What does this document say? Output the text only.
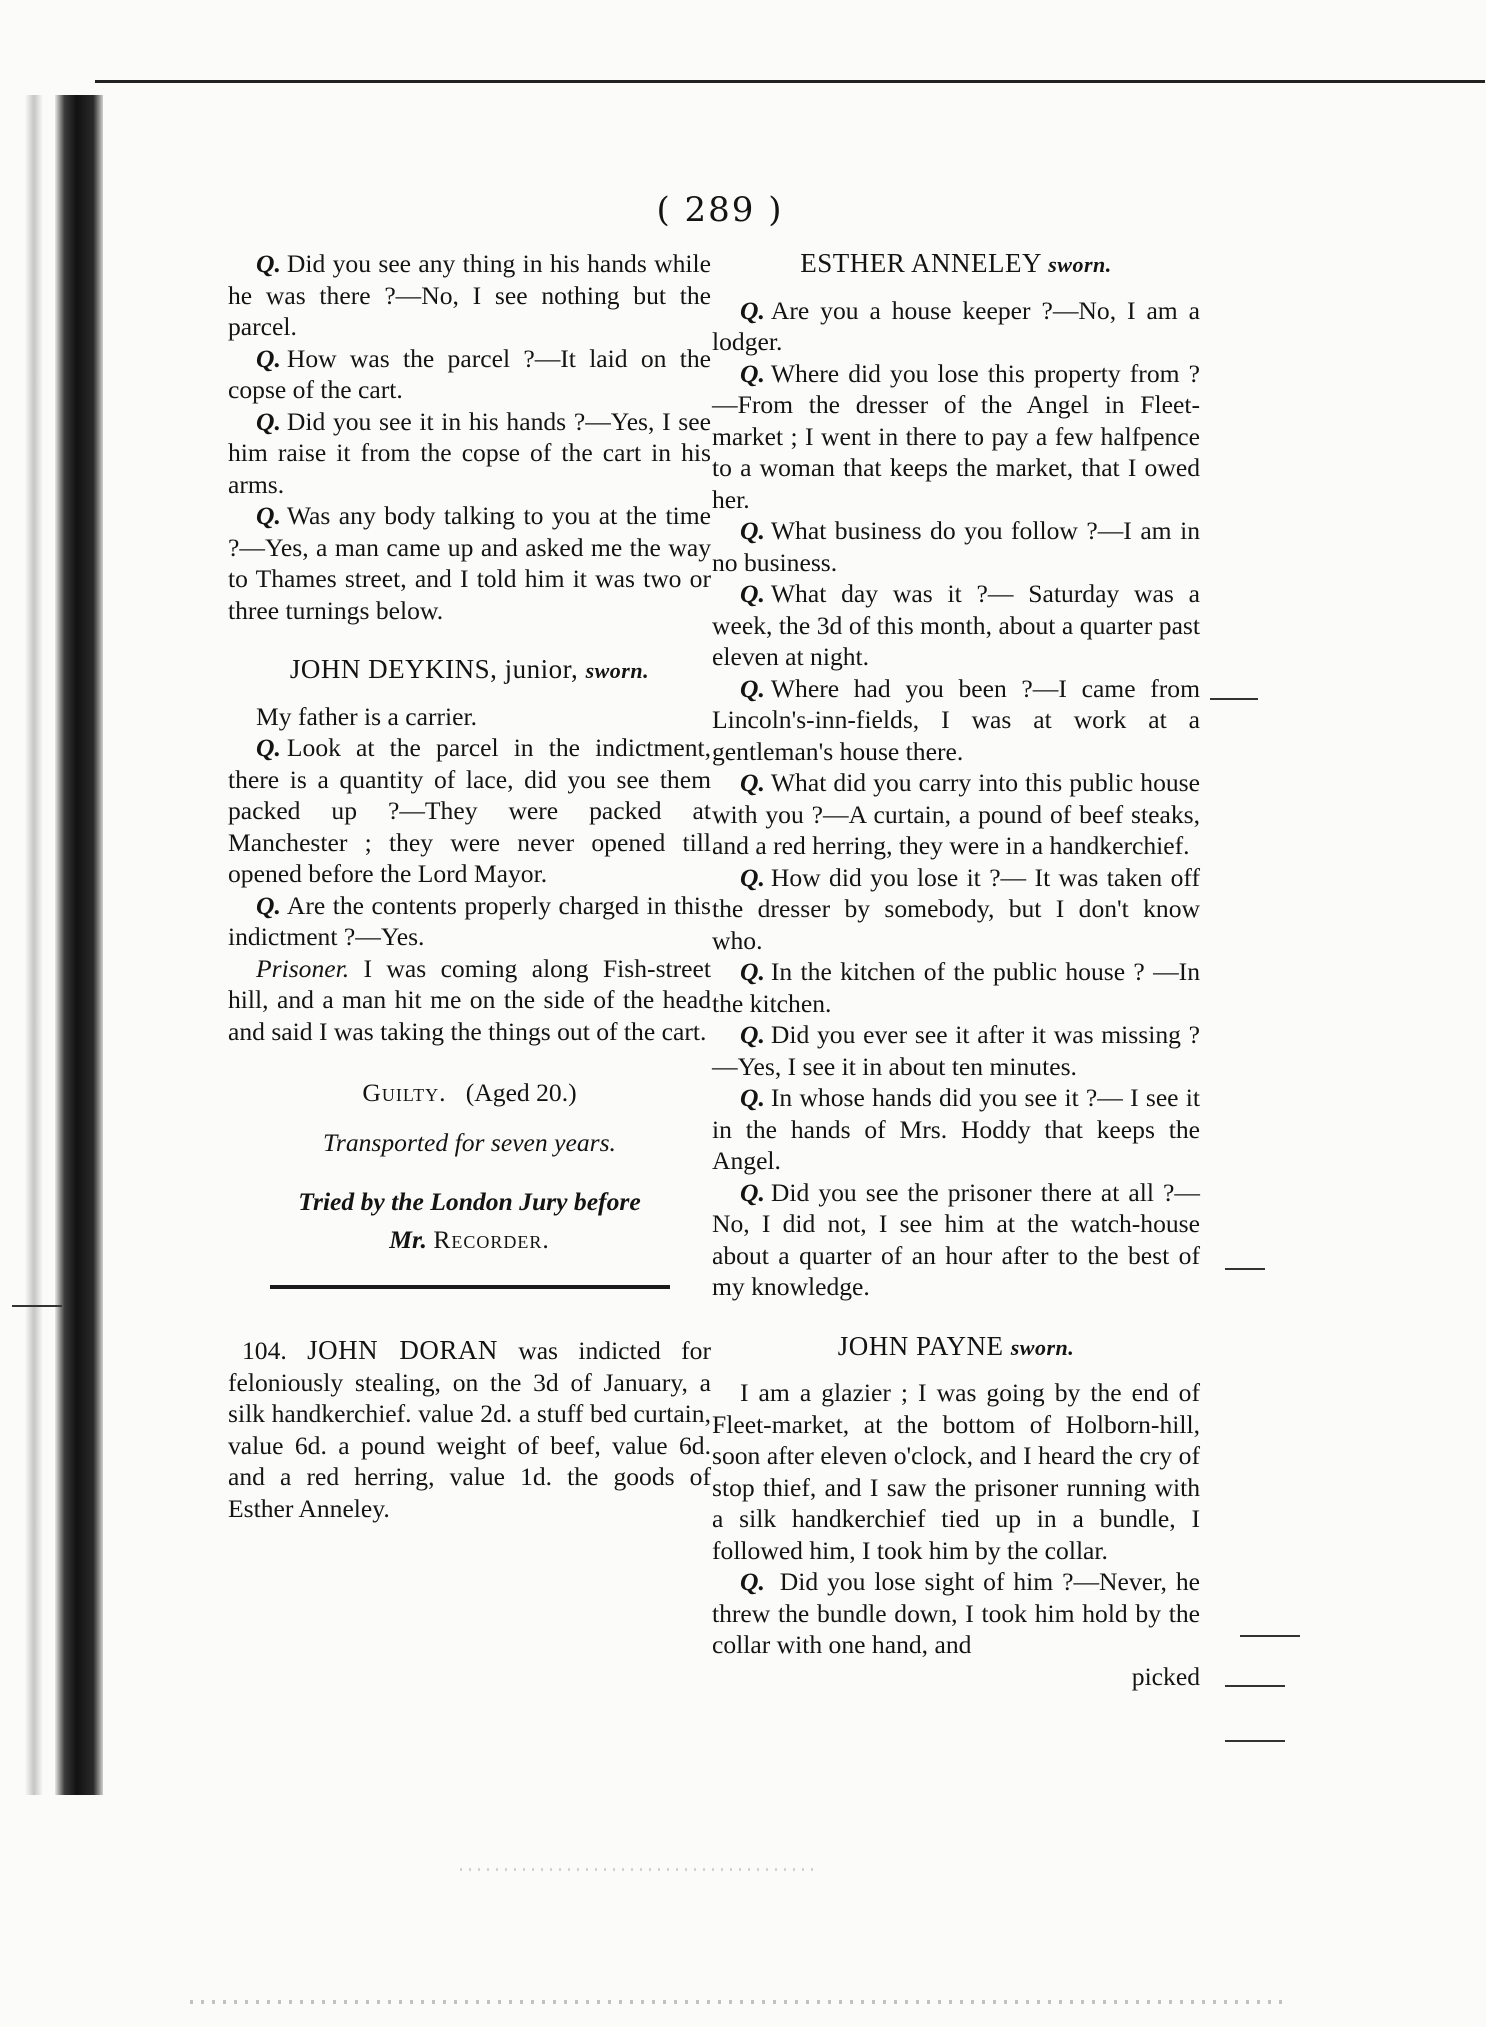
( 289 )

Q. Did you see any thing in his hands while he was there ?—No, I see nothing but the parcel.

Q. How was the parcel ?—It laid on the copse of the cart.

Q. Did you see it in his hands ?—Yes, I see him raise it from the copse of the cart in his arms.

Q. Was any body talking to you at the time ?—Yes, a man came up and asked me the way to Thames street, and I told him it was two or three turnings below.

JOHN DEYKINS, junior, sworn.

My father is a carrier.

Q. Look at the parcel in the indictment, there is a quantity of lace, did you see them packed up ?—They were packed at Manchester ; they were never opened till opened before the Lord Mayor.

Q. Are the contents properly charged in this indictment ?—Yes.

Prisoner. I was coming along Fish-street hill, and a man hit me on the side of the head and said I was taking the things out of the cart.

Guilty. (Aged 20.)
Transported for seven years.

Tried by the London Jury before

Mr. Recorder.

104. JOHN DORAN was indicted for feloniously stealing, on the 3d of January, a silk handkerchief. value 2d. a stuff bed curtain, value 6d. a pound weight of beef, value 6d. and a red herring, value 1d. the goods of Esther Anneley.

ESTHER ANNELEY sworn.

Q. Are you a house keeper ?—No, I am a lodger.

Q. Where did you lose this property from ?—From the dresser of the Angel in Fleet-market ; I went in there to pay a few halfpence to a woman that keeps the market, that I owed her.

Q. What business do you follow ?—I am in no business.

Q. What day was it ?— Saturday was a week, the 3d of this month, about a quarter past eleven at night.

Q. Where had you been ?—I came from Lincoln's-inn-fields, I was at work at a gentleman's house there.

Q. What did you carry into this public house with you ?—A curtain, a pound of beef steaks, and a red herring, they were in a handkerchief.

Q. How did you lose it ?— It was taken off the dresser by somebody, but I don't know who.

Q. In the kitchen of the public house ? —In the kitchen.

Q. Did you ever see it after it was missing ?—Yes, I see it in about ten minutes.

Q. In whose hands did you see it ?— I see it in the hands of Mrs. Hoddy that keeps the Angel.

Q. Did you see the prisoner there at all ?—No, I did not, I see him at the watch-house about a quarter of an hour after to the best of my knowledge.

JOHN PAYNE sworn.

I am a glazier ; I was going by the end of Fleet-market, at the bottom of Holborn-hill, soon after eleven o'clock, and I heard the cry of stop thief, and I saw the prisoner running with a silk handkerchief tied up in a bundle, I followed him, I took him by the collar.

Q. Did you lose sight of him ?—Never, he threw the bundle down, I took him hold by the collar with one hand, and

picked
